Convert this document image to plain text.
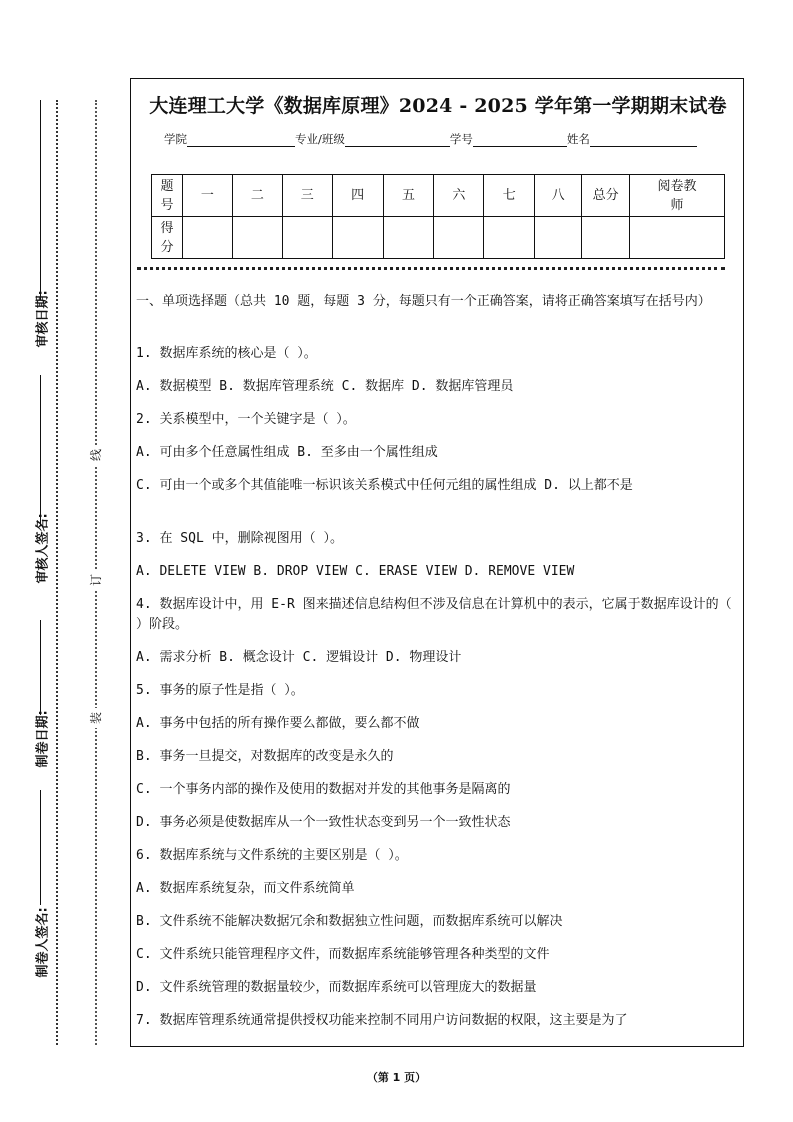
审核日期:
审核人签名:
制卷日期:
制卷人签名:
线
订
装
大连理工大学《数据库原理》2024 - 2025 学年第一学期期末试卷
学院	专业/班级	学号	姓名
题号	一	二	三	四	五	六	七	八	总分	阅卷教师
得分										
一、单项选择题（总共 10 题，每题 3 分，每题只有一个正确答案，请将正确答案填写在括号内）
1. 数据库系统的核心是（ ）。
A. 数据模型 B. 数据库管理系统 C. 数据库 D. 数据库管理员
2. 关系模型中，一个关键字是（ ）。
A. 可由多个任意属性组成 B. 至多由一个属性组成
C. 可由一个或多个其值能唯一标识该关系模式中任何元组的属性组成 D. 以上都不是
3. 在 SQL 中，删除视图用（ ）。
A. DELETE VIEW B. DROP VIEW C. ERASE VIEW D. REMOVE VIEW
4. 数据库设计中，用 E-R 图来描述信息结构但不涉及信息在计算机中的表示，它属于数据库设计的（ ）阶段。
A. 需求分析 B. 概念设计 C. 逻辑设计 D. 物理设计
5. 事务的原子性是指（ ）。
A. 事务中包括的所有操作要么都做，要么都不做
B. 事务一旦提交，对数据库的改变是永久的
C. 一个事务内部的操作及使用的数据对并发的其他事务是隔离的
D. 事务必须是使数据库从一个一致性状态变到另一个一致性状态
6. 数据库系统与文件系统的主要区别是（ ）。
A. 数据库系统复杂，而文件系统简单
B. 文件系统不能解决数据冗余和数据独立性问题，而数据库系统可以解决
C. 文件系统只能管理程序文件，而数据库系统能够管理各种类型的文件
D. 文件系统管理的数据量较少，而数据库系统可以管理庞大的数据量
7. 数据库管理系统通常提供授权功能来控制不同用户访问数据的权限，这主要是为了
（第 1 页）
